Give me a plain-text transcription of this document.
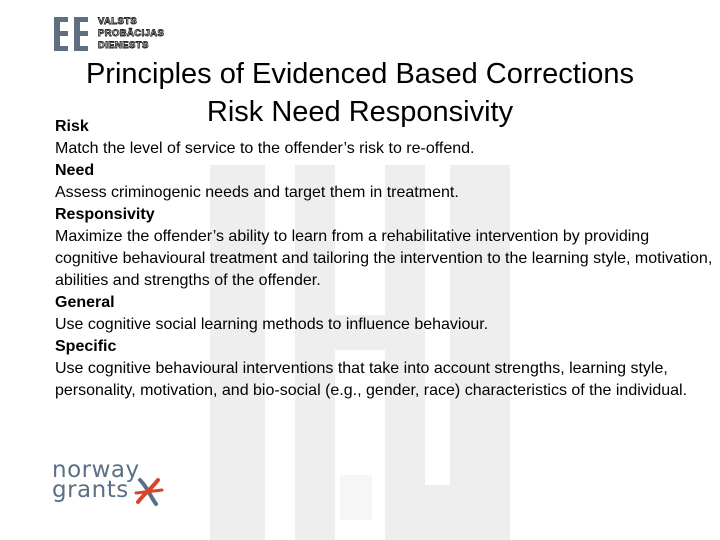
VALSTS
PROBĀCIJAS
DIENESTS
Principles of Evidenced Based Corrections
Risk Need Responsivity

Risk

Match the level of service to the offender’s risk to re-offend.

Need

Assess criminogenic needs and target them in treatment.

Responsivity

Maximize the offender’s ability to learn from a rehabilitative intervention by providing cognitive behavioural treatment and tailoring the intervention to the learning style, motivation, abilities and strengths of the offender.

General

Use cognitive social learning methods to influence behaviour.

Specific

Use cognitive behavioural interventions that take into account strengths, learning style, personality, motivation, and bio-social (e.g., gender, race) characteristics of the individual.

norway
grants
